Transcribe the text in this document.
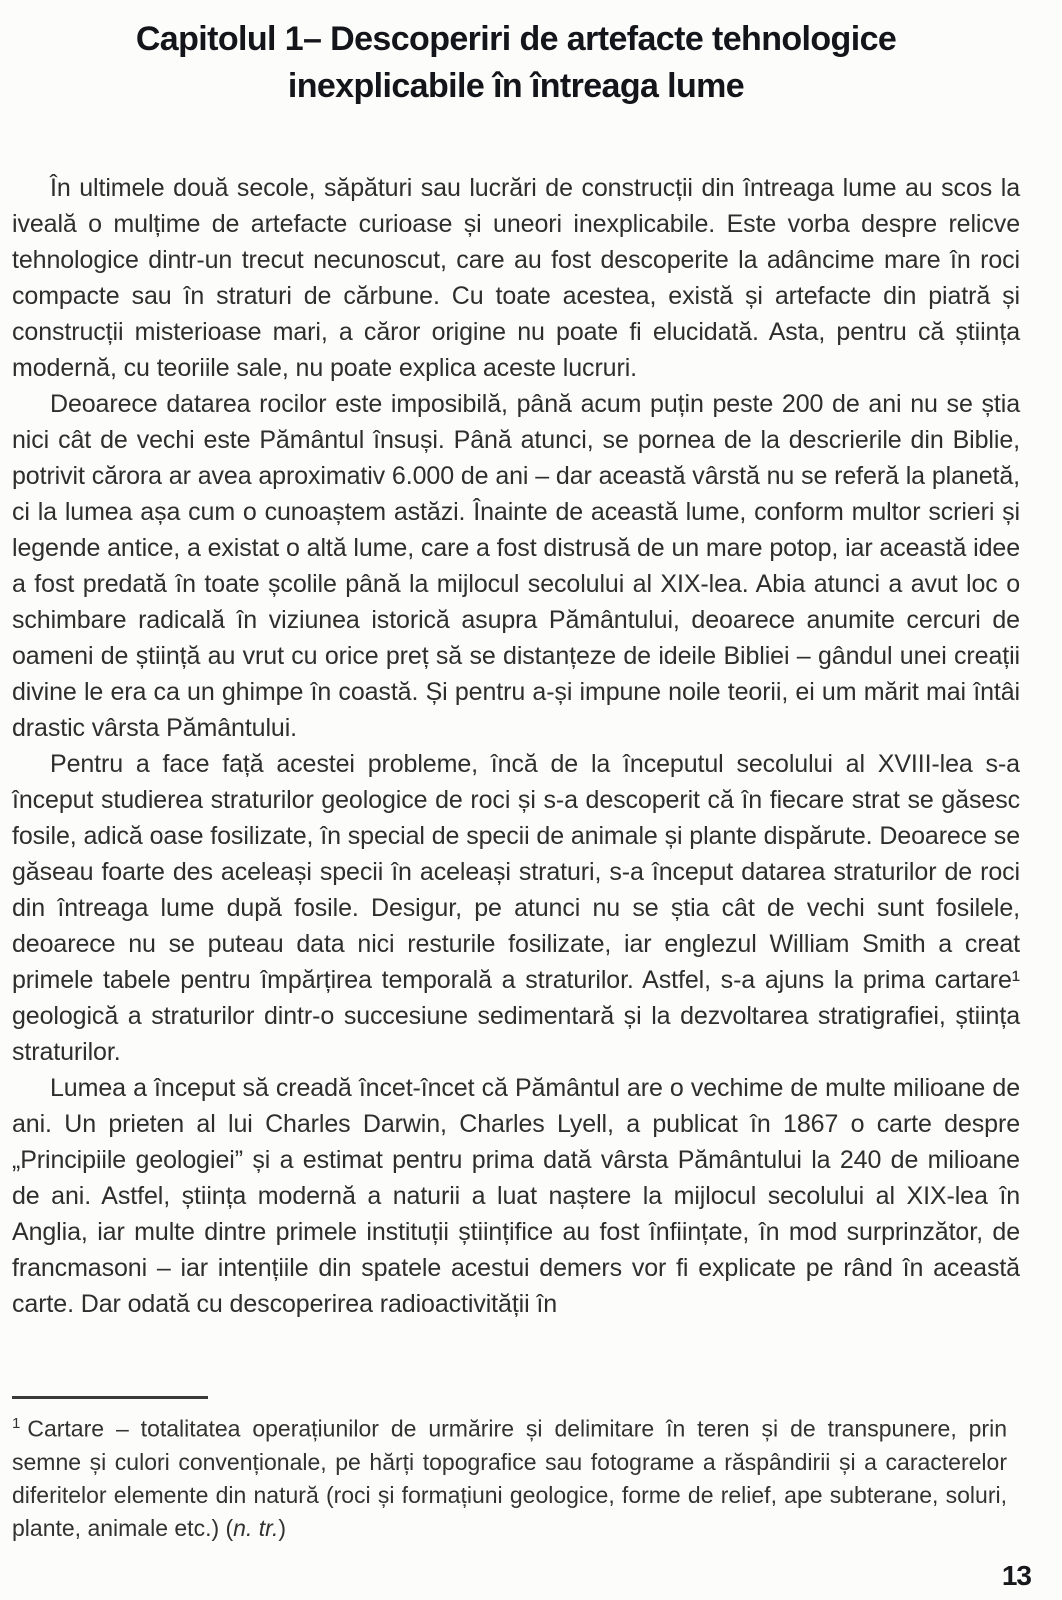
Capitolul 1– Descoperiri de artefacte tehnologice
inexplicabile în întreaga lume

În ultimele două secole, săpături sau lucrări de construcții din întreaga lume au scos la iveală o mulțime de artefacte curioase și uneori inexplicabile. Este vorba despre relicve tehnologice dintr-un trecut necunoscut, care au fost descoperite la adâncime mare în roci compacte sau în straturi de cărbune. Cu toate acestea, există și artefacte din piatră și construcții misterioase mari, a căror origine nu poate fi elucidată. Asta, pentru că știința modernă, cu teoriile sale, nu poate explica aceste lucruri.

Deoarece datarea rocilor este imposibilă, până acum puțin peste 200 de ani nu se știa nici cât de vechi este Pământul însuși. Până atunci, se pornea de la descrierile din Biblie, potrivit cărora ar avea aproximativ 6.000 de ani – dar această vârstă nu se referă la planetă, ci la lumea așa cum o cunoaștem astăzi. Înainte de această lume, conform multor scrieri și legende antice, a existat o altă lume, care a fost distrusă de un mare potop, iar această idee a fost predată în toate școlile până la mijlocul secolului al XIX-lea. Abia atunci a avut loc o schimbare radicală în viziunea istorică asupra Pământului, deoarece anumite cercuri de oameni de știință au vrut cu orice preț să se distanțeze de ideile Bibliei – gândul unei creații divine le era ca un ghimpe în coastă. Și pentru a-și impune noile teorii, ei um mărit mai întâi drastic vârsta Pământului.

Pentru a face față acestei probleme, încă de la începutul secolului al XVIII-lea s-a început studierea straturilor geologice de roci și s-a descoperit că în fiecare strat se găsesc fosile, adică oase fosilizate, în special de specii de animale și plante dispărute. Deoarece se găseau foarte des aceleași specii în aceleași straturi, s-a început datarea straturilor de roci din întreaga lume după fosile. Desigur, pe atunci nu se știa cât de vechi sunt fosilele, deoarece nu se puteau data nici resturile fosilizate, iar englezul William Smith a creat primele tabele pentru împărțirea temporală a straturilor. Astfel, s-a ajuns la prima cartare¹ geologică a straturilor dintr-o succesiune sedimentară și la dezvoltarea stratigrafiei, știința straturilor.

Lumea a început să creadă încet-încet că Pământul are o vechime de multe milioane de ani. Un prieten al lui Charles Darwin, Charles Lyell, a publicat în 1867 o carte despre „Principiile geologiei” și a estimat pentru prima dată vârsta Pământului la 240 de milioane de ani. Astfel, știința modernă a naturii a luat naștere la mijlocul secolului al XIX-lea în Anglia, iar multe dintre primele instituții științifice au fost înființate, în mod surprinzător, de francmasoni – iar intențiile din spatele acestui demers vor fi explicate pe rând în această carte. Dar odată cu descoperirea radioactivității în

$^1$ Cartare – totalitatea operațiunilor de urmărire și delimitare în teren și de transpunere, prin semne și culori convenționale, pe hărți topografice sau fotograme a răspândirii și a caracterelor diferitelor elemente din natură (roci și formațiuni geologice, forme de relief, ape subterane, soluri, plante, animale etc.) (n. tr.)

13
